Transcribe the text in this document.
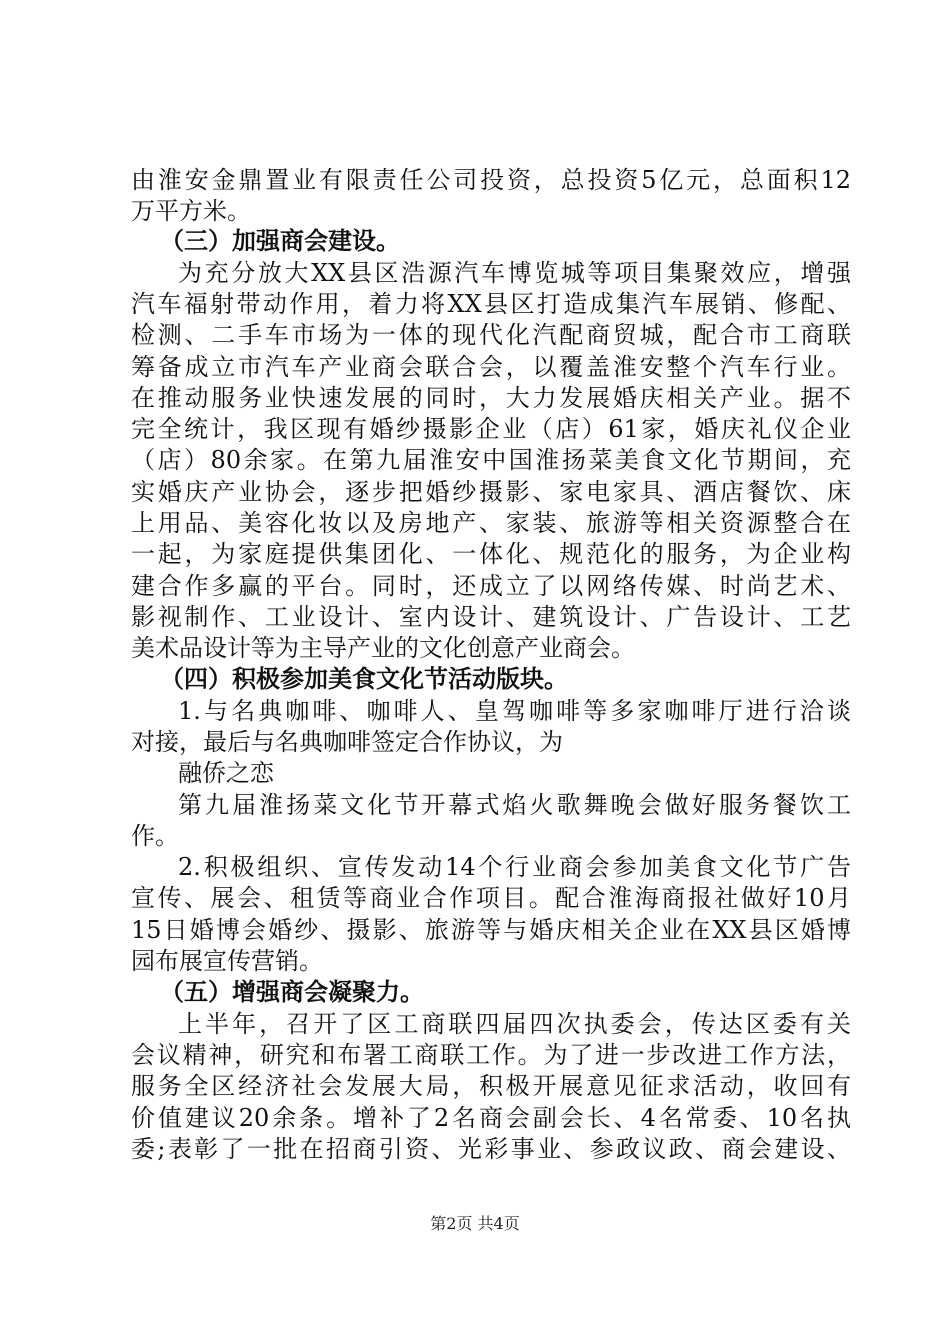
第2页 共4页
由淮安金鼎置业有限责任公司投资，总投资5亿元，总面积12
万平方米。
（三）加强商会建设。
为充分放大XX县区浩源汽车博览城等项目集聚效应，增强
汽车福射带动作用，着力将XX县区打造成集汽车展销、修配、
检测、二手车市场为一体的现代化汽配商贸城，配合市工商联
筹备成立市汽车产业商会联合会，以覆盖淮安整个汽车行业。
在推动服务业快速发展的同时，大力发展婚庆相关产业。据不
完全统计，我区现有婚纱摄影企业（店）61家，婚庆礼仪企业
（店）80余家。在第九届淮安中国淮扬菜美食文化节期间，充
实婚庆产业协会，逐步把婚纱摄影、家电家具、酒店餐饮、床
上用品、美容化妆以及房地产、家装、旅游等相关资源整合在
一起，为家庭提供集团化、一体化、规范化的服务，为企业构
建合作多赢的平台。同时，还成立了以网络传媒、时尚艺术、
影视制作、工业设计、室内设计、建筑设计、广告设计、工艺
美术品设计等为主导产业的文化创意产业商会。
（四）积极参加美食文化节活动版块。
1.与名典咖啡、咖啡人、皇驾咖啡等多家咖啡厅进行洽谈
对接，最后与名典咖啡签定合作协议，为
融侨之恋
第九届淮扬菜文化节开幕式焰火歌舞晚会做好服务餐饮工
作。
2.积极组织、宣传发动14个行业商会参加美食文化节广告
宣传、展会、租赁等商业合作项目。配合淮海商报社做好10月
15日婚博会婚纱、摄影、旅游等与婚庆相关企业在XX县区婚博
园布展宣传营销。
（五）增强商会凝聚力。
上半年，召开了区工商联四届四次执委会，传达区委有关
会议精神，研究和布署工商联工作。为了进一步改进工作方法，
服务全区经济社会发展大局，积极开展意见征求活动，收回有
价值建议20余条。增补了2名商会副会长、4名常委、10名执
委;表彰了一批在招商引资、光彩事业、参政议政、商会建设、
